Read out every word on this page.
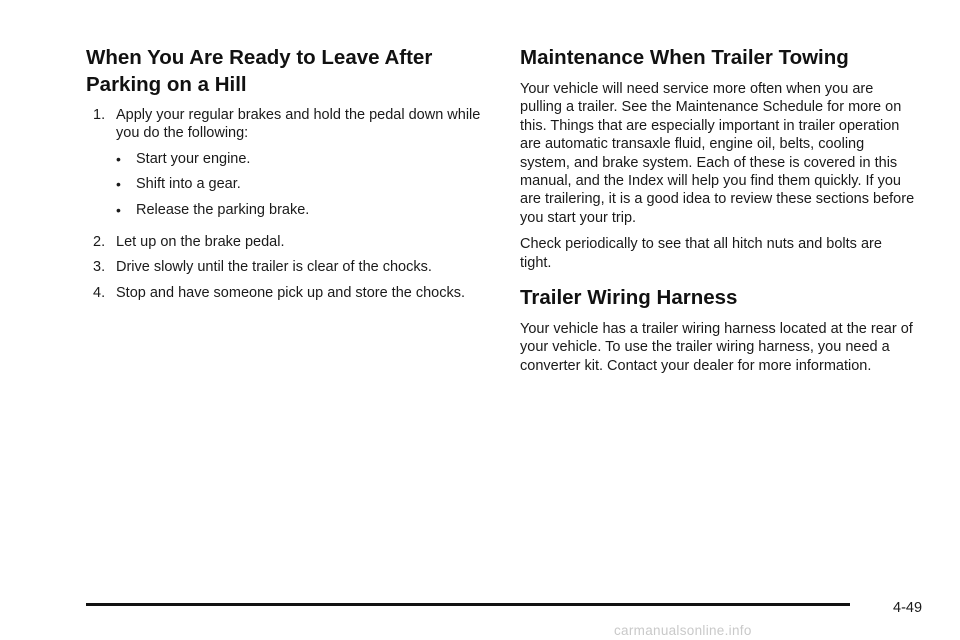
When You Are Ready to Leave After Parking on a Hill
1. Apply your regular brakes and hold the pedal down while you do the following:
•	Start your engine.
•	Shift into a gear.
•	Release the parking brake.
2. Let up on the brake pedal.
3. Drive slowly until the trailer is clear of the chocks.
4. Stop and have someone pick up and store the chocks.
Maintenance When Trailer Towing

Your vehicle will need service more often when you are pulling a trailer. See the Maintenance Schedule for more on this. Things that are especially important in trailer operation are automatic transaxle fluid, engine oil, belts, cooling system, and brake system. Each of these is covered in this manual, and the Index will help you find them quickly. If you are trailering, it is a good idea to review these sections before you start your trip.

Check periodically to see that all hitch nuts and bolts are tight.

Trailer Wiring Harness

Your vehicle has a trailer wiring harness located at the rear of your vehicle. To use the trailer wiring harness, you need a converter kit. Contact your dealer for more information.

4-49
carmanualsonline.info
